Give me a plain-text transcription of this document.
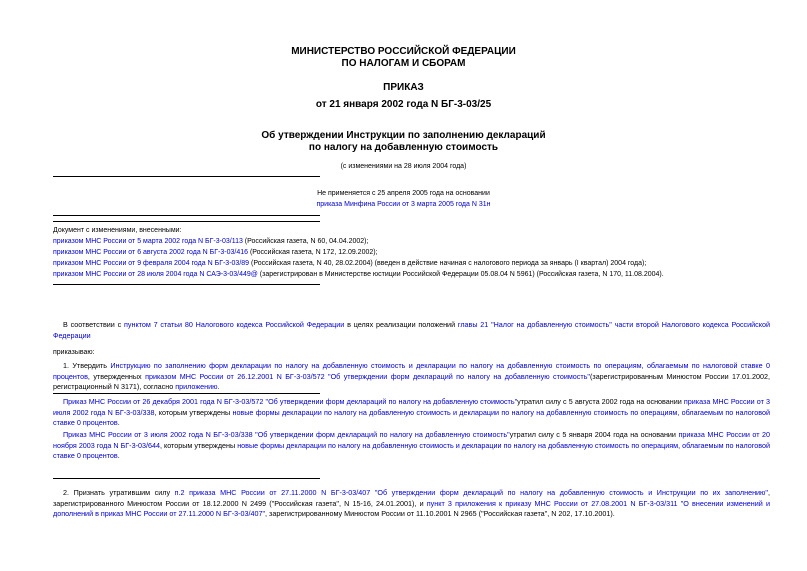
МИНИСТЕРСТВО РОССИЙСКОЙ ФЕДЕРАЦИИ
ПО НАЛОГАМ И СБОРАМ
ПРИКАЗ
от 21 января 2002 года N БГ-3-03/25
Об утверждении Инструкции по заполнению деклараций
по налогу на добавленную стоимость
(с изменениями на 28 июля 2004 года)
Не применяется с 25 апреля 2005 года на основании
приказа Минфина России от 3 марта 2005 года N 31н
Документ с изменениями, внесенными:
приказом МНС России от 5 марта 2002 года N БГ-3-03/113 (Российская газета, N 60, 04.04.2002);
приказом МНС России от 6 августа 2002 года N БГ-3-03/416 (Российская газета, N 172, 12.09.2002);
приказом МНС России от 9 февраля 2004 года N БГ-3-03/89 (Российская газета, N 40, 28.02.2004) (введен в действие начиная с налогового периода за январь (I квартал) 2004 года);
приказом МНС России от 28 июля 2004 года N САЭ-3-03/449@ (зарегистрирован в Министерстве юстиции Российской Федерации 05.08.04 N 5961) (Российская газета, N 170, 11.08.2004).
В соответствии с пунктом 7 статьи 80 Налогового кодекса Российской Федерации в целях реализации положений главы 21 "Налог на добавленную стоимость" части второй Налогового кодекса Российской Федерации
приказываю:
1. Утвердить Инструкцию по заполнению форм декларации по налогу на добавленную стоимость и декларации по налогу на добавленную стоимость по операциям, облагаемым по налоговой ставке 0 процентов, утвержденных приказом МНС России от 26.12.2001 N БГ-3-03/572 "Об утверждении форм деклараций по налогу на добавленную стоимость"(зарегистрированным Минюстом России 17.01.2002, регистрационный N 3171), согласно приложению.
Приказ МНС России от 26 декабря 2001 года N БГ-3-03/572 "Об утверждении форм деклараций по налогу на добавленную стоимость"утратил силу с 5 августа 2002 года на основании приказа МНС России от 3 июля 2002 года N БГ-3-03/338, которым утверждены новые формы декларации по налогу на добавленную стоимость и декларации по налогу на добавленную стоимость по операциям, облагаемым по налоговой ставке 0 процентов.
Приказ МНС России от 3 июля 2002 года N БГ-3-03/338 "Об утверждении форм деклараций по налогу на добавленную стоимость"утратил силу с 5 января 2004 года на основании приказа МНС России от 20 ноября 2003 года N БГ-3-03/644, которым утверждены новые формы декларации по налогу на добавленную стоимость и декларации по налогу на добавленную стоимость по операциям, облагаемым по налоговой ставке 0 процентов.
2. Признать утратившим силу п.2 приказа МНС России от 27.11.2000 N БГ-3-03/407 "Об утверждении форм деклараций по налогу на добавленную стоимость и Инструкции по их заполнению", зарегистрированного Минюстом России от 18.12.2000 N 2499 ("Российская газета", N 15-16, 24.01.2001), и пункт 3 приложения к приказу МНС России от 27.08.2001 N БГ-3-03/311 "О внесении изменений и дополнений в приказ МНС России от 27.11.2000 N БГ-3-03/407", зарегистрированному Минюстом России от 11.10.2001 N 2965 ("Российская газета", N 202, 17.10.2001).
